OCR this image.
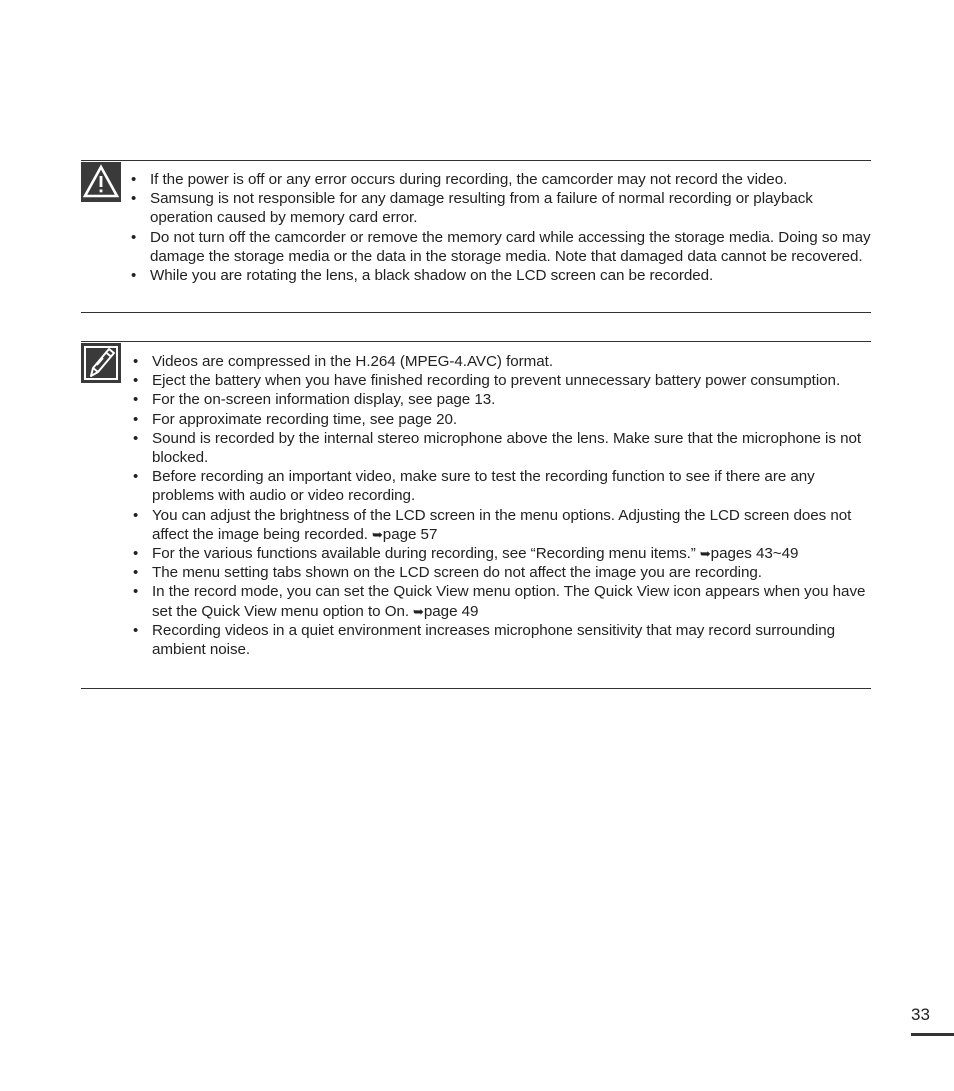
• If the power is off or any error occurs during recording, the camcorder may not record the video.
• Samsung is not responsible for any damage resulting from a failure of normal recording or playback operation caused by memory card error.
• Do not turn off the camcorder or remove the memory card while accessing the storage media. Doing so may damage the storage media or the data in the storage media. Note that damaged data cannot be recovered.
• While you are rotating the lens, a black shadow on the LCD screen can be recorded.
• Videos are compressed in the H.264 (MPEG-4.AVC) format.
• Eject the battery when you have finished recording to prevent unnecessary battery power consumption.
• For the on-screen information display, see page 13.
• For approximate recording time, see page 20.
• Sound is recorded by the internal stereo microphone above the lens. Make sure that the microphone is not blocked.
• Before recording an important video, make sure to test the recording function to see if there are any problems with audio or video recording.
• You can adjust the brightness of the LCD screen in the menu options. Adjusting the LCD screen does not affect the image being recorded. ➥page 57
• For the various functions available during recording, see “Recording menu items.” ➥pages 43~49
• The menu setting tabs shown on the LCD screen do not affect the image you are recording.
• In the record mode, you can set the Quick View menu option. The Quick View icon appears when you have set the Quick View menu option to On. ➥page 49
• Recording videos in a quiet environment increases microphone sensitivity that may record surrounding ambient noise.
33
